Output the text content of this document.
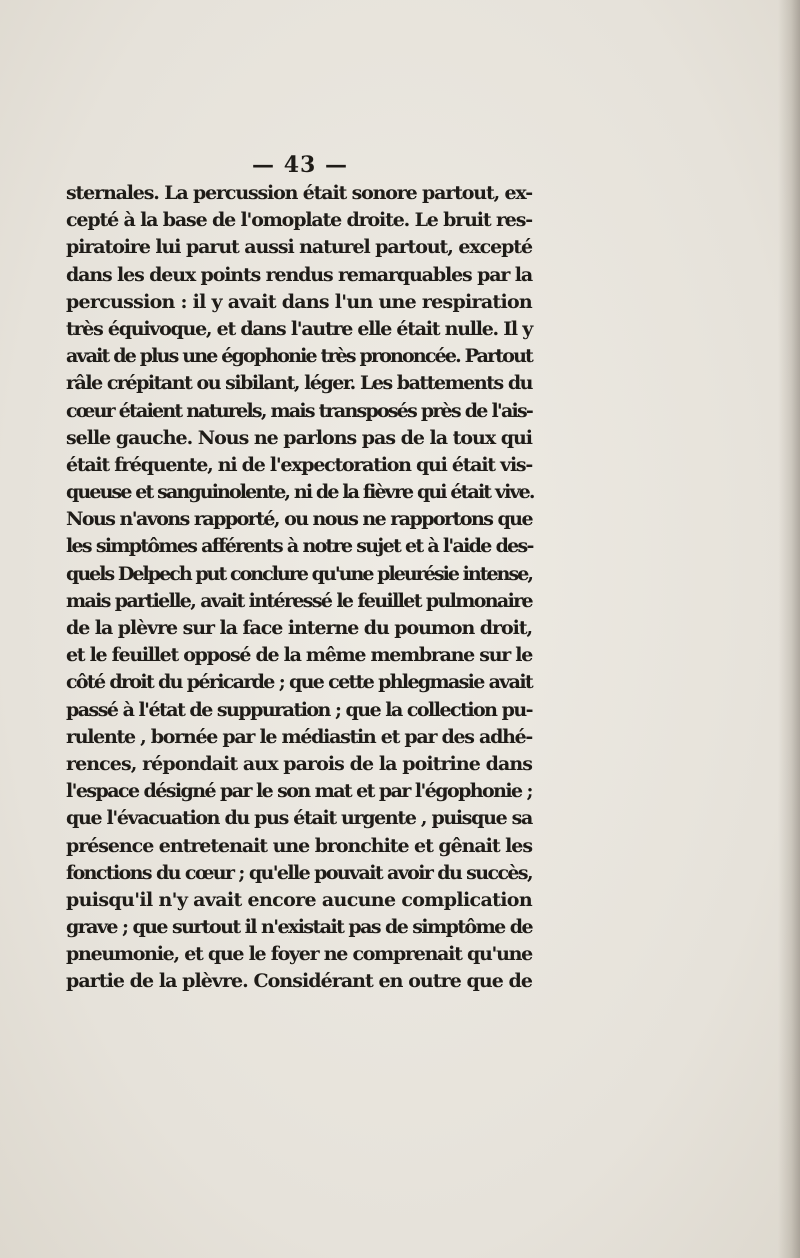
— 43 —
sternales. La percussion était sonore partout, ex-
cepté à la base de l'omoplate droite. Le bruit res-
piratoire lui parut aussi naturel partout, excepté
dans les deux points rendus remarquables par la
percussion : il y avait dans l'un une respiration
très équivoque, et dans l'autre elle était nulle. Il y
avait de plus une égophonie très prononcée. Partout
râle crépitant ou sibilant, léger. Les battements du
cœur étaient naturels, mais transposés près de l'ais-
selle gauche. Nous ne parlons pas de la toux qui
était fréquente, ni de l'expectoration qui était vis-
queuse et sanguinolente, ni de la fièvre qui était vive.
Nous n'avons rapporté, ou nous ne rapportons que
les simptômes afférents à notre sujet et à l'aide des-
quels Delpech put conclure qu'une pleurésie intense,
mais partielle, avait intéressé le feuillet pulmonaire
de la plèvre sur la face interne du poumon droit,
et le feuillet opposé de la même membrane sur le
côté droit du péricarde ; que cette phlegmasie avait
passé à l'état de suppuration ; que la collection pu-
rulente , bornée par le médiastin et par des adhé-
rences, répondait aux parois de la poitrine dans
l'espace désigné par le son mat et par l'égophonie ;
que l'évacuation du pus était urgente , puisque sa
présence entretenait une bronchite et gênait les
fonctions du cœur ; qu'elle pouvait avoir du succès,
puisqu'il n'y avait encore aucune complication
grave ; que surtout il n'existait pas de simptôme de
pneumonie, et que le foyer ne comprenait qu'une
partie de la plèvre. Considérant en outre que de
